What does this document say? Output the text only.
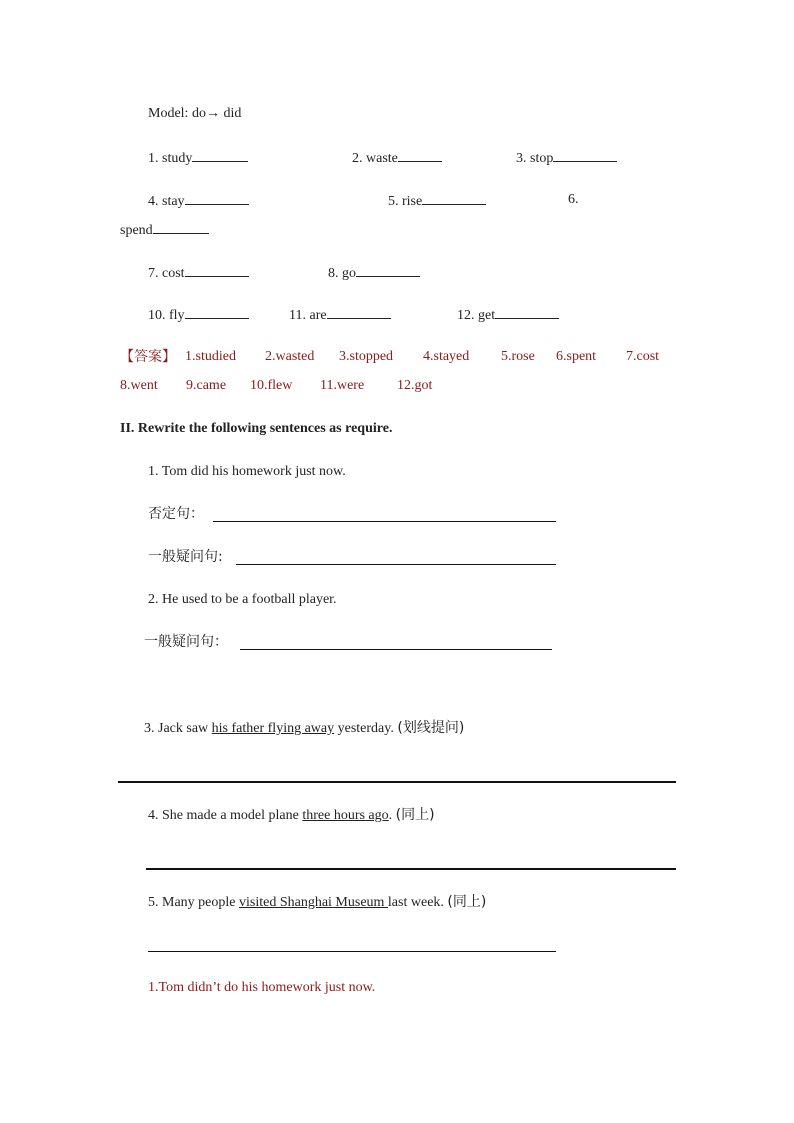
Model: do→ did
1. study	2. waste	3. stop
4. stay	5. rise	6.
spend
7. cost	8. go
10. fly	11. are	12. get
【答案】 1.studied 2.wasted 3.stopped 4.stayed 5.rose 6.spent 7.cost
8.went 9.came 10.flew 11.were 12.got
II. Rewrite the following sentences as require.
1. Tom did his homework just now.
否定句：
一般疑问句:
2. He used to be a football player.
一般疑问句：
3. Jack saw his father flying away yesterday. (划线提问)
4. She made a model plane three hours ago. (同上)
5. Many people visited Shanghai Museum last week. (同上)
1.Tom didn’t do his homework just now.
